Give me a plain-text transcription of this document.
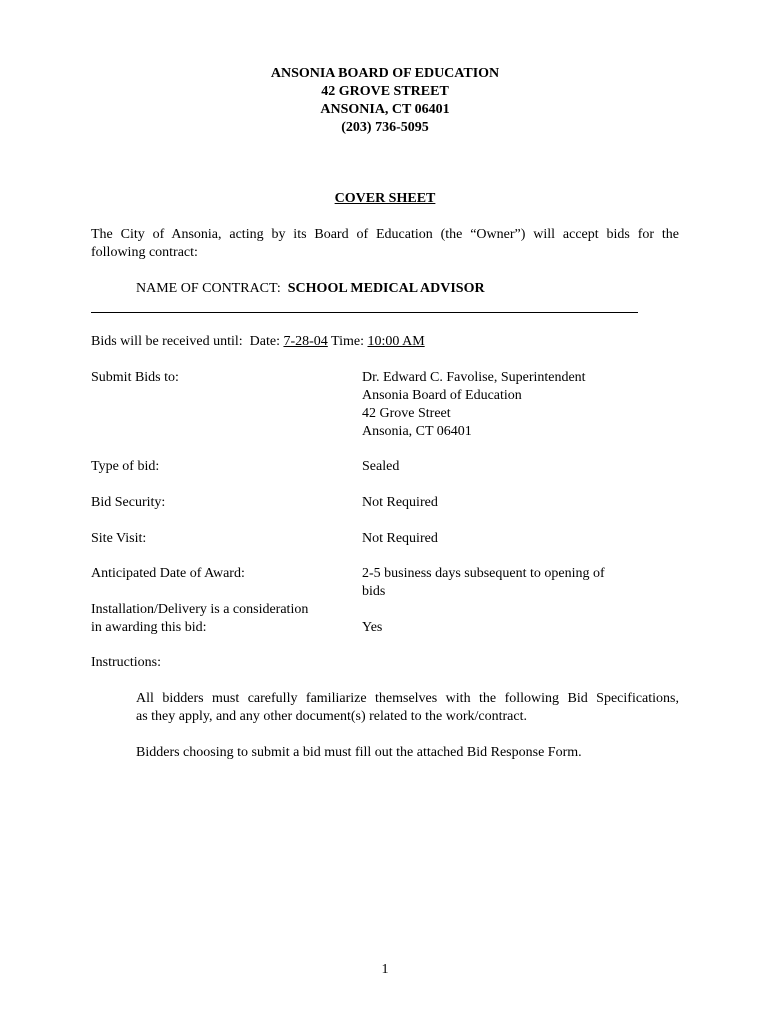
ANSONIA BOARD OF EDUCATION
42 GROVE STREET
ANSONIA, CT 06401
(203) 736-5095
COVER SHEET
The City of Ansonia, acting by its Board of Education (the “Owner”) will accept bids for the
following contract:
NAME OF CONTRACT: SCHOOL MEDICAL ADVISOR
Bids will be received until:  Date: 7-28-04 Time: 10:00 AM
Submit Bids to:	Dr. Edward C. Favolise, Superintendent
Ansonia Board of Education
42 Grove Street
Ansonia, CT 06401
Type of bid:	Sealed
Bid Security:	Not Required
Site Visit:	Not Required
Anticipated Date of Award:	2-5 business days subsequent to opening of
bids
Installation/Delivery is a consideration
in awarding this bid:	Yes
Instructions:
All bidders must carefully familiarize themselves with the following Bid Specifications,
as they apply, and any other document(s) related to the work/contract.
Bidders choosing to submit a bid must fill out the attached Bid Response Form.
1
